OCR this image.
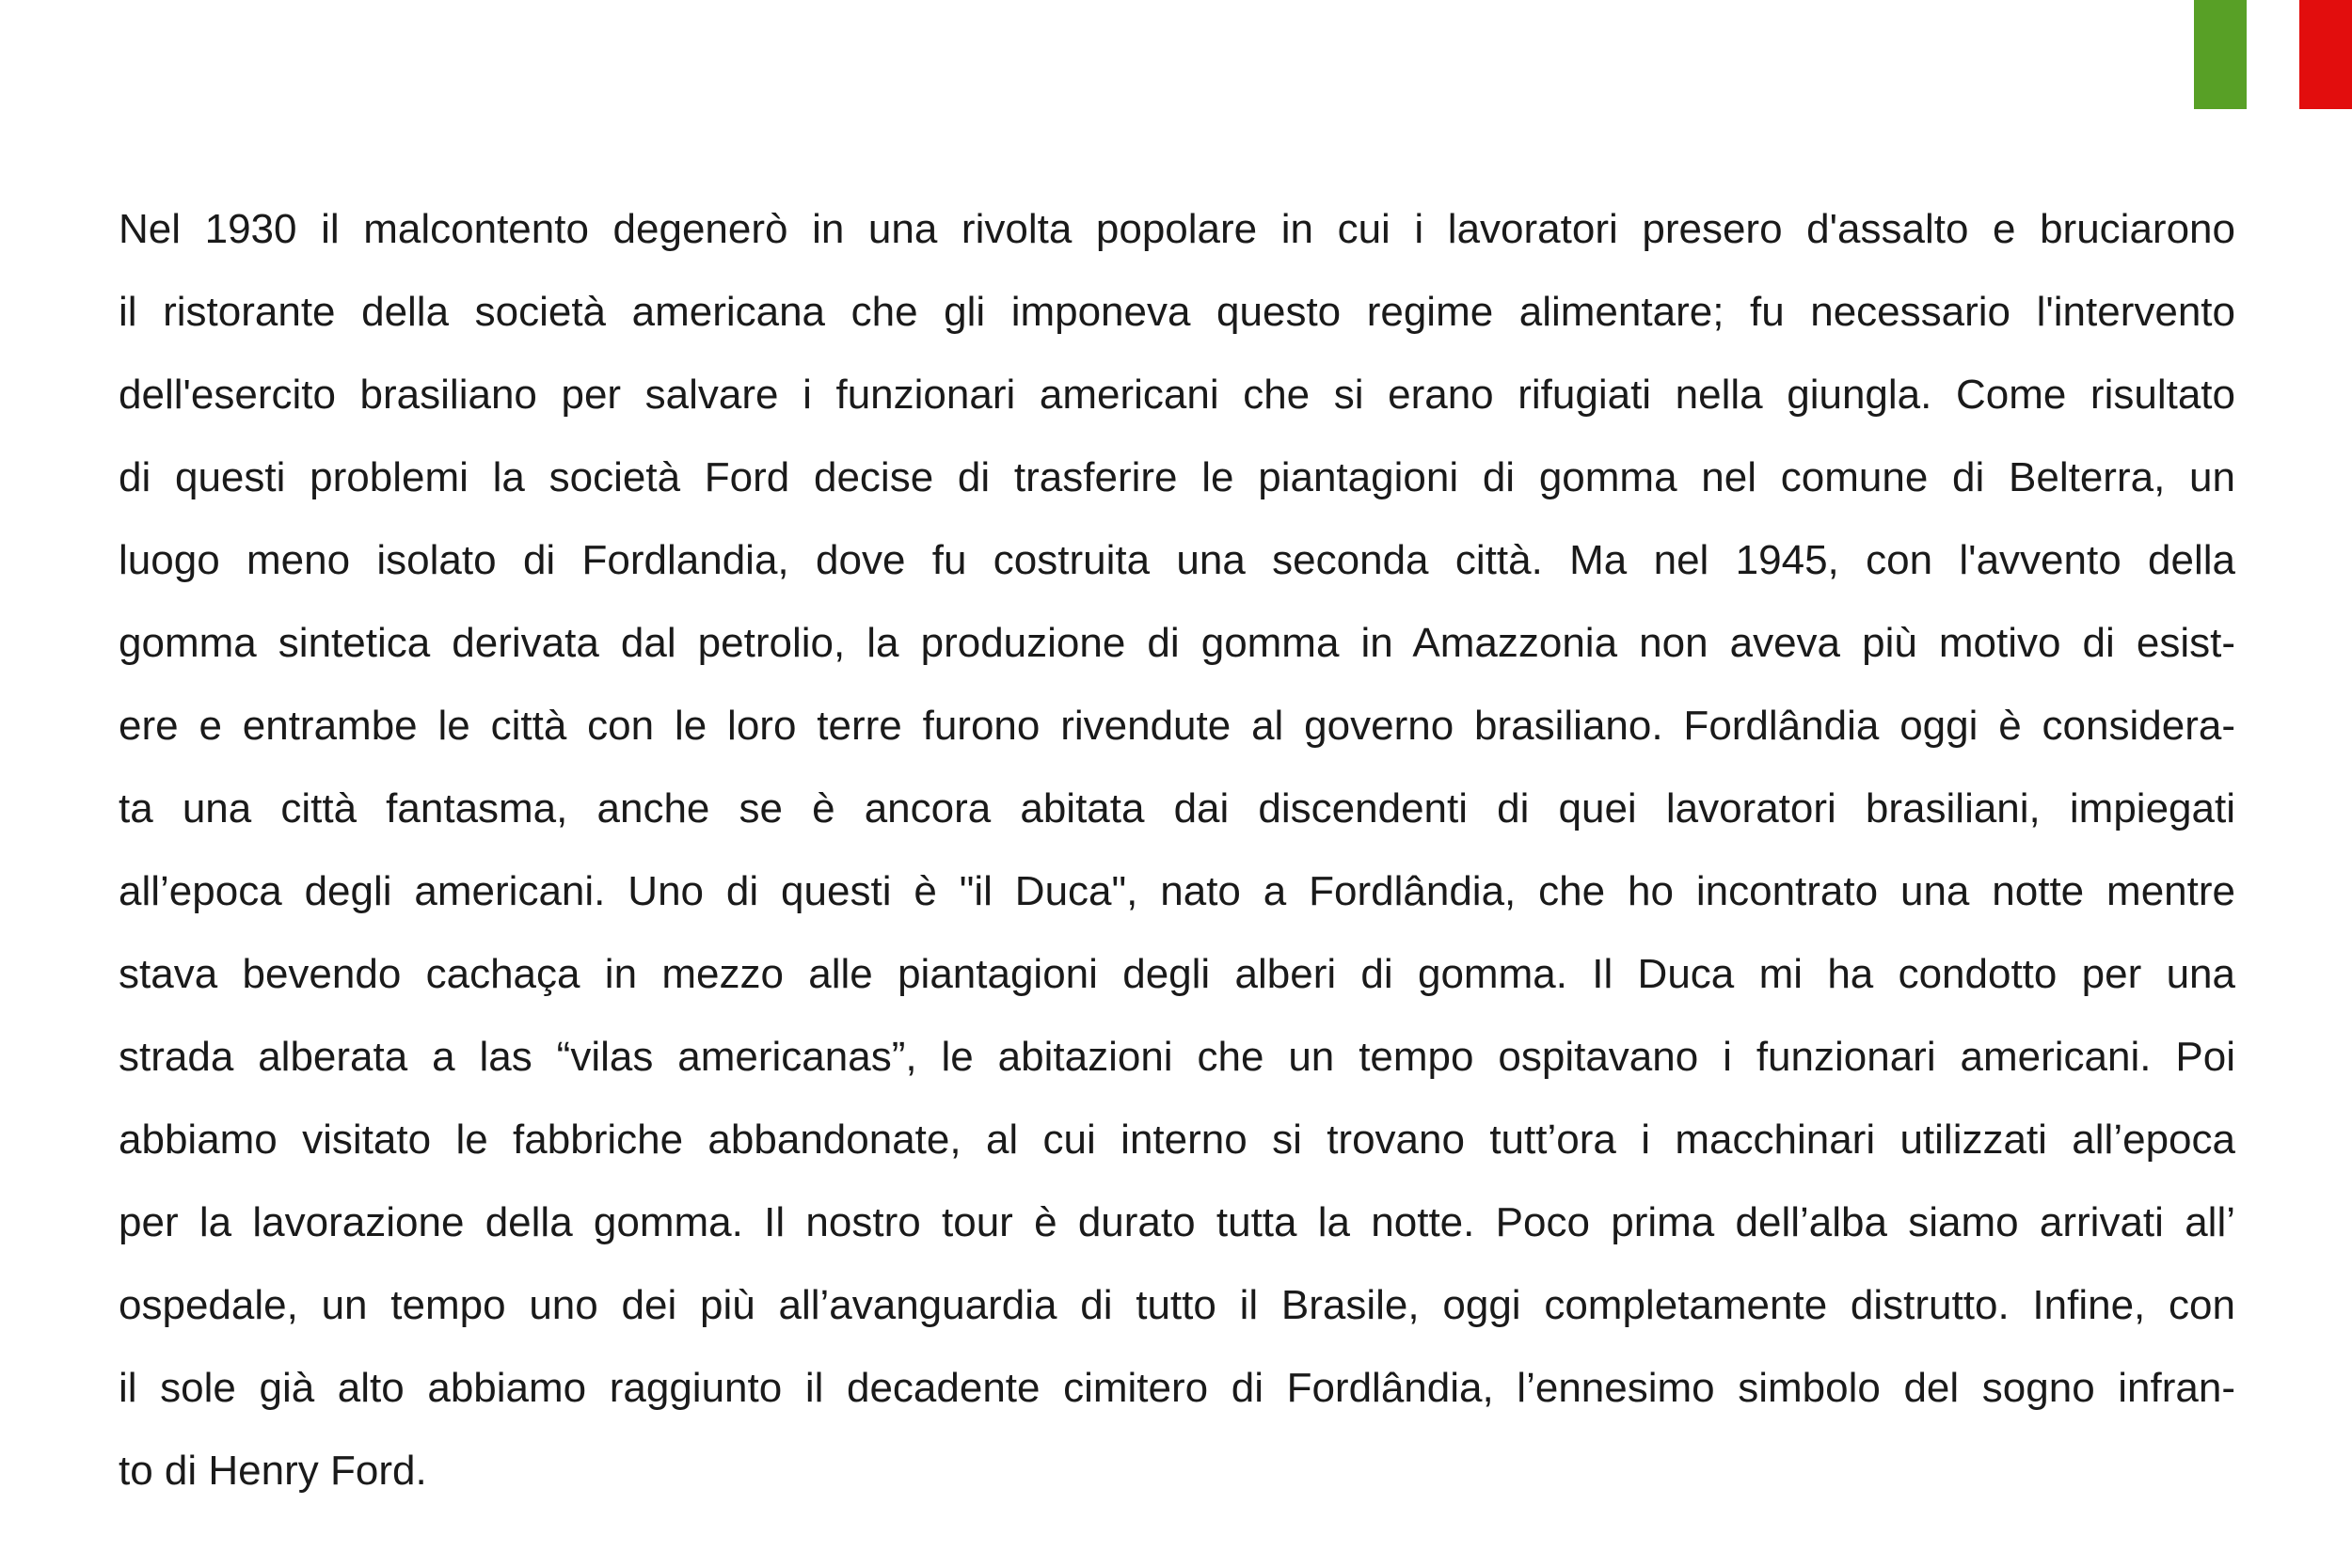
Nel 1930 il malcontento degenerò in una rivolta popolare in cui i lavoratori presero d'assalto e bruciarono
il ristorante della società americana che gli imponeva questo regime alimentare; fu necessario l'intervento
dell'esercito brasiliano per salvare i funzionari americani che si erano rifugiati nella giungla. Come risultato
di questi problemi la società Ford decise di trasferire le piantagioni di gomma nel comune di Belterra, un
luogo meno isolato di Fordlandia, dove fu costruita una seconda città. Ma nel 1945, con l'avvento della
gomma sintetica derivata dal petrolio, la produzione di gomma in Amazzonia non aveva più motivo di esist-
ere e entrambe le città con le loro terre furono rivendute al governo brasiliano. Fordlândia oggi è considera-
ta una città fantasma, anche se è ancora abitata dai discendenti di quei lavoratori brasiliani, impiegati
all’epoca degli americani. Uno di questi è "il Duca", nato a Fordlândia, che ho incontrato una notte mentre
stava bevendo cachaça in mezzo alle piantagioni degli alberi di gomma. Il Duca mi ha condotto per una
strada alberata a las “vilas americanas”, le abitazioni che un tempo ospitavano i funzionari americani. Poi
abbiamo visitato le fabbriche abbandonate, al cui interno si trovano tutt’ora i macchinari utilizzati all’epoca
per la lavorazione della gomma. Il nostro tour è durato tutta la notte. Poco prima dell’alba siamo arrivati all’
ospedale, un tempo uno dei più all’avanguardia di tutto il Brasile, oggi completamente distrutto. Infine, con
il sole già alto abbiamo raggiunto il decadente cimitero di Fordlândia, l’ennesimo simbolo del sogno infran-
to di Henry Ford.
